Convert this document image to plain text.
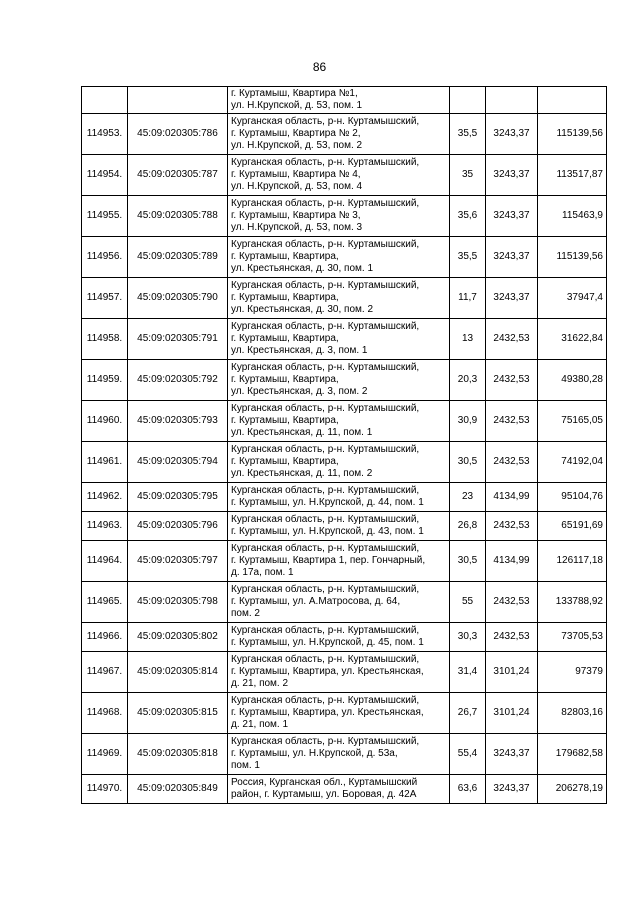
86
		г. Куртамыш, Квартира №1,
ул. Н.Крупской, д. 53, пом. 1			
114953.	45:09:020305:786	Курганская область, р-н. Куртамышский,
г. Куртамыш, Квартира № 2,
ул. Н.Крупской, д. 53, пом. 2	35,5	3243,37	115139,56
114954.	45:09:020305:787	Курганская область, р-н. Куртамышский,
г. Куртамыш, Квартира № 4,
ул. Н.Крупской, д. 53, пом. 4	35	3243,37	113517,87
114955.	45:09:020305:788	Курганская область, р-н. Куртамышский,
г. Куртамыш, Квартира № 3,
ул. Н.Крупской, д. 53, пом. 3	35,6	3243,37	115463,9
114956.	45:09:020305:789	Курганская область, р-н. Куртамышский,
г. Куртамыш, Квартира,
ул. Крестьянская, д. 30, пом. 1	35,5	3243,37	115139,56
114957.	45:09:020305:790	Курганская область, р-н. Куртамышский,
г. Куртамыш, Квартира,
ул. Крестьянская, д. 30, пом. 2	11,7	3243,37	37947,4
114958.	45:09:020305:791	Курганская область, р-н. Куртамышский,
г. Куртамыш, Квартира,
ул. Крестьянская, д. 3, пом. 1	13	2432,53	31622,84
114959.	45:09:020305:792	Курганская область, р-н. Куртамышский,
г. Куртамыш, Квартира,
ул. Крестьянская, д. 3, пом. 2	20,3	2432,53	49380,28
114960.	45:09:020305:793	Курганская область, р-н. Куртамышский,
г. Куртамыш, Квартира,
ул. Крестьянская, д. 11, пом. 1	30,9	2432,53	75165,05
114961.	45:09:020305:794	Курганская область, р-н. Куртамышский,
г. Куртамыш, Квартира,
ул. Крестьянская, д. 11, пом. 2	30,5	2432,53	74192,04
114962.	45:09:020305:795	Курганская область, р-н. Куртамышский,
г. Куртамыш, ул. Н.Крупской, д. 44, пом. 1	23	4134,99	95104,76
114963.	45:09:020305:796	Курганская область, р-н. Куртамышский,
г. Куртамыш, ул. Н.Крупской, д. 43, пом. 1	26,8	2432,53	65191,69
114964.	45:09:020305:797	Курганская область, р-н. Куртамышский,
г. Куртамыш, Квартира 1, пер. Гончарный,
д. 17а, пом. 1	30,5	4134,99	126117,18
114965.	45:09:020305:798	Курганская область, р-н. Куртамышский,
г. Куртамыш, ул. А.Матросова, д. 64,
пом. 2	55	2432,53	133788,92
114966.	45:09:020305:802	Курганская область, р-н. Куртамышский,
г. Куртамыш, ул. Н.Крупской, д. 45, пом. 1	30,3	2432,53	73705,53
114967.	45:09:020305:814	Курганская область, р-н. Куртамышский,
г. Куртамыш, Квартира, ул. Крестьянская,
д. 21, пом. 2	31,4	3101,24	97379
114968.	45:09:020305:815	Курганская область, р-н. Куртамышский,
г. Куртамыш, Квартира, ул. Крестьянская,
д. 21, пом. 1	26,7	3101,24	82803,16
114969.	45:09:020305:818	Курганская область, р-н. Куртамышский,
г. Куртамыш, ул. Н.Крупской, д. 53а,
пом. 1	55,4	3243,37	179682,58
114970.	45:09:020305:849	Россия, Курганская обл., Куртамышский
район, г. Куртамыш, ул. Боровая, д. 42А	63,6	3243,37	206278,19
